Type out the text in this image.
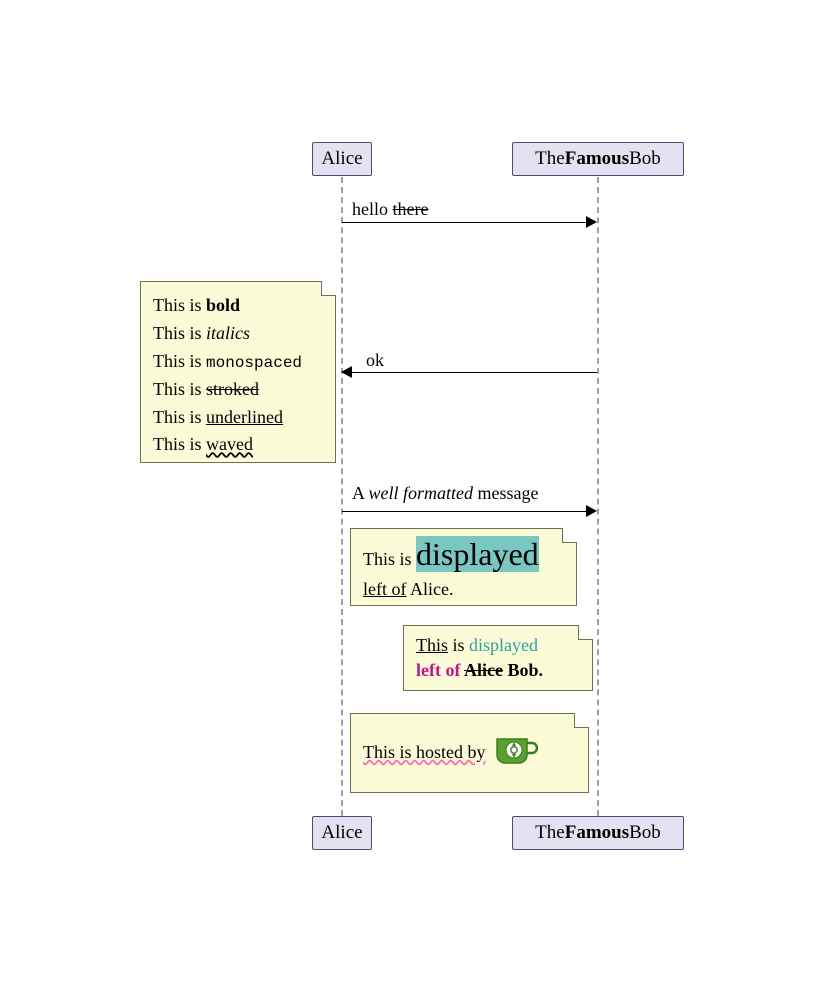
Alice	The Famous Bob
hello there
This is bold
This is italics
This is monospaced
This is stroked
This is underlined
This is waved
ok
A well formatted message
This is displayed
left of Alice.
This is displayed
left of Alice Bob.
This is hosted by
Alice	The Famous Bob
